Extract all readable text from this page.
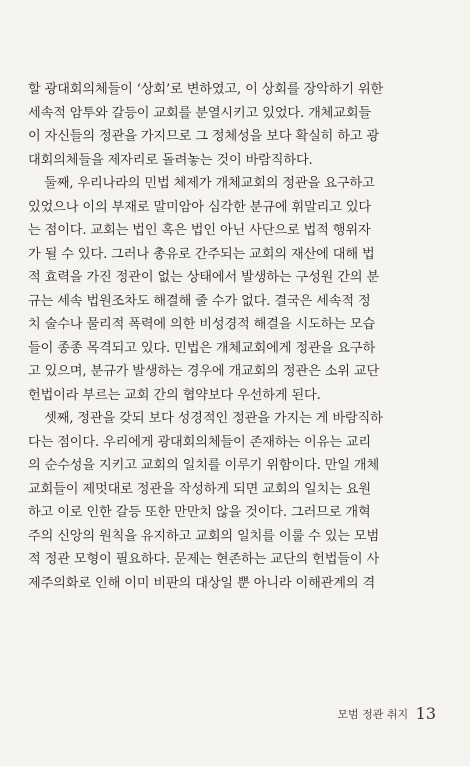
할 광대회의체들이 ‘상회’로 변하였고, 이 상회를 장악하기 위한
세속적 암투와 갈등이 교회를 분열시키고 있었다. 개체교회들
이 자신들의 정관을 가지므로 그 정체성을 보다 확실히 하고 광
대회의체들을 제자리로 돌려놓는 것이 바람직하다.
둘째, 우리나라의 민법 체제가 개체교회의 정관을 요구하고
있었으나 이의 부재로 말미암아 심각한 분규에 휘말리고 있다
는 점이다. 교회는 법인 혹은 법인 아닌 사단으로 법적 행위자
가 될 수 있다. 그러나 총유로 간주되는 교회의 재산에 대해 법
적 효력을 가진 정관이 없는 상태에서 발생하는 구성원 간의 분
규는 세속 법원조차도 해결해 줄 수가 없다. 결국은 세속적 정
치 술수나 물리적 폭력에 의한 비성경적 해결을 시도하는 모습
들이 종종 목격되고 있다. 민법은 개체교회에게 정관을 요구하
고 있으며, 분규가 발생하는 경우에 개교회의 정관은 소위 교단
헌법이라 부르는 교회 간의 협약보다 우선하게 된다.
셋째, 정관을 갖되 보다 성경적인 정관을 가지는 게 바람직하
다는 점이다. 우리에게 광대회의체들이 존재하는 이유는 교리
의 순수성을 지키고 교회의 일치를 이루기 위함이다. 만일 개체
교회들이 제멋대로 정관을 작성하게 되면 교회의 일치는 요원
하고 이로 인한 갈등 또한 만만치 않을 것이다. 그러므로 개혁
주의 신앙의 원칙을 유지하고 교회의 일치를 이룰 수 있는 모범
적 정관 모형이 필요하다. 문제는 현존하는 교단의 헌법들이 사
제주의화로 인해 이미 비판의 대상일 뿐 아니라 이해관계의 격
모범 정관 취지 13
